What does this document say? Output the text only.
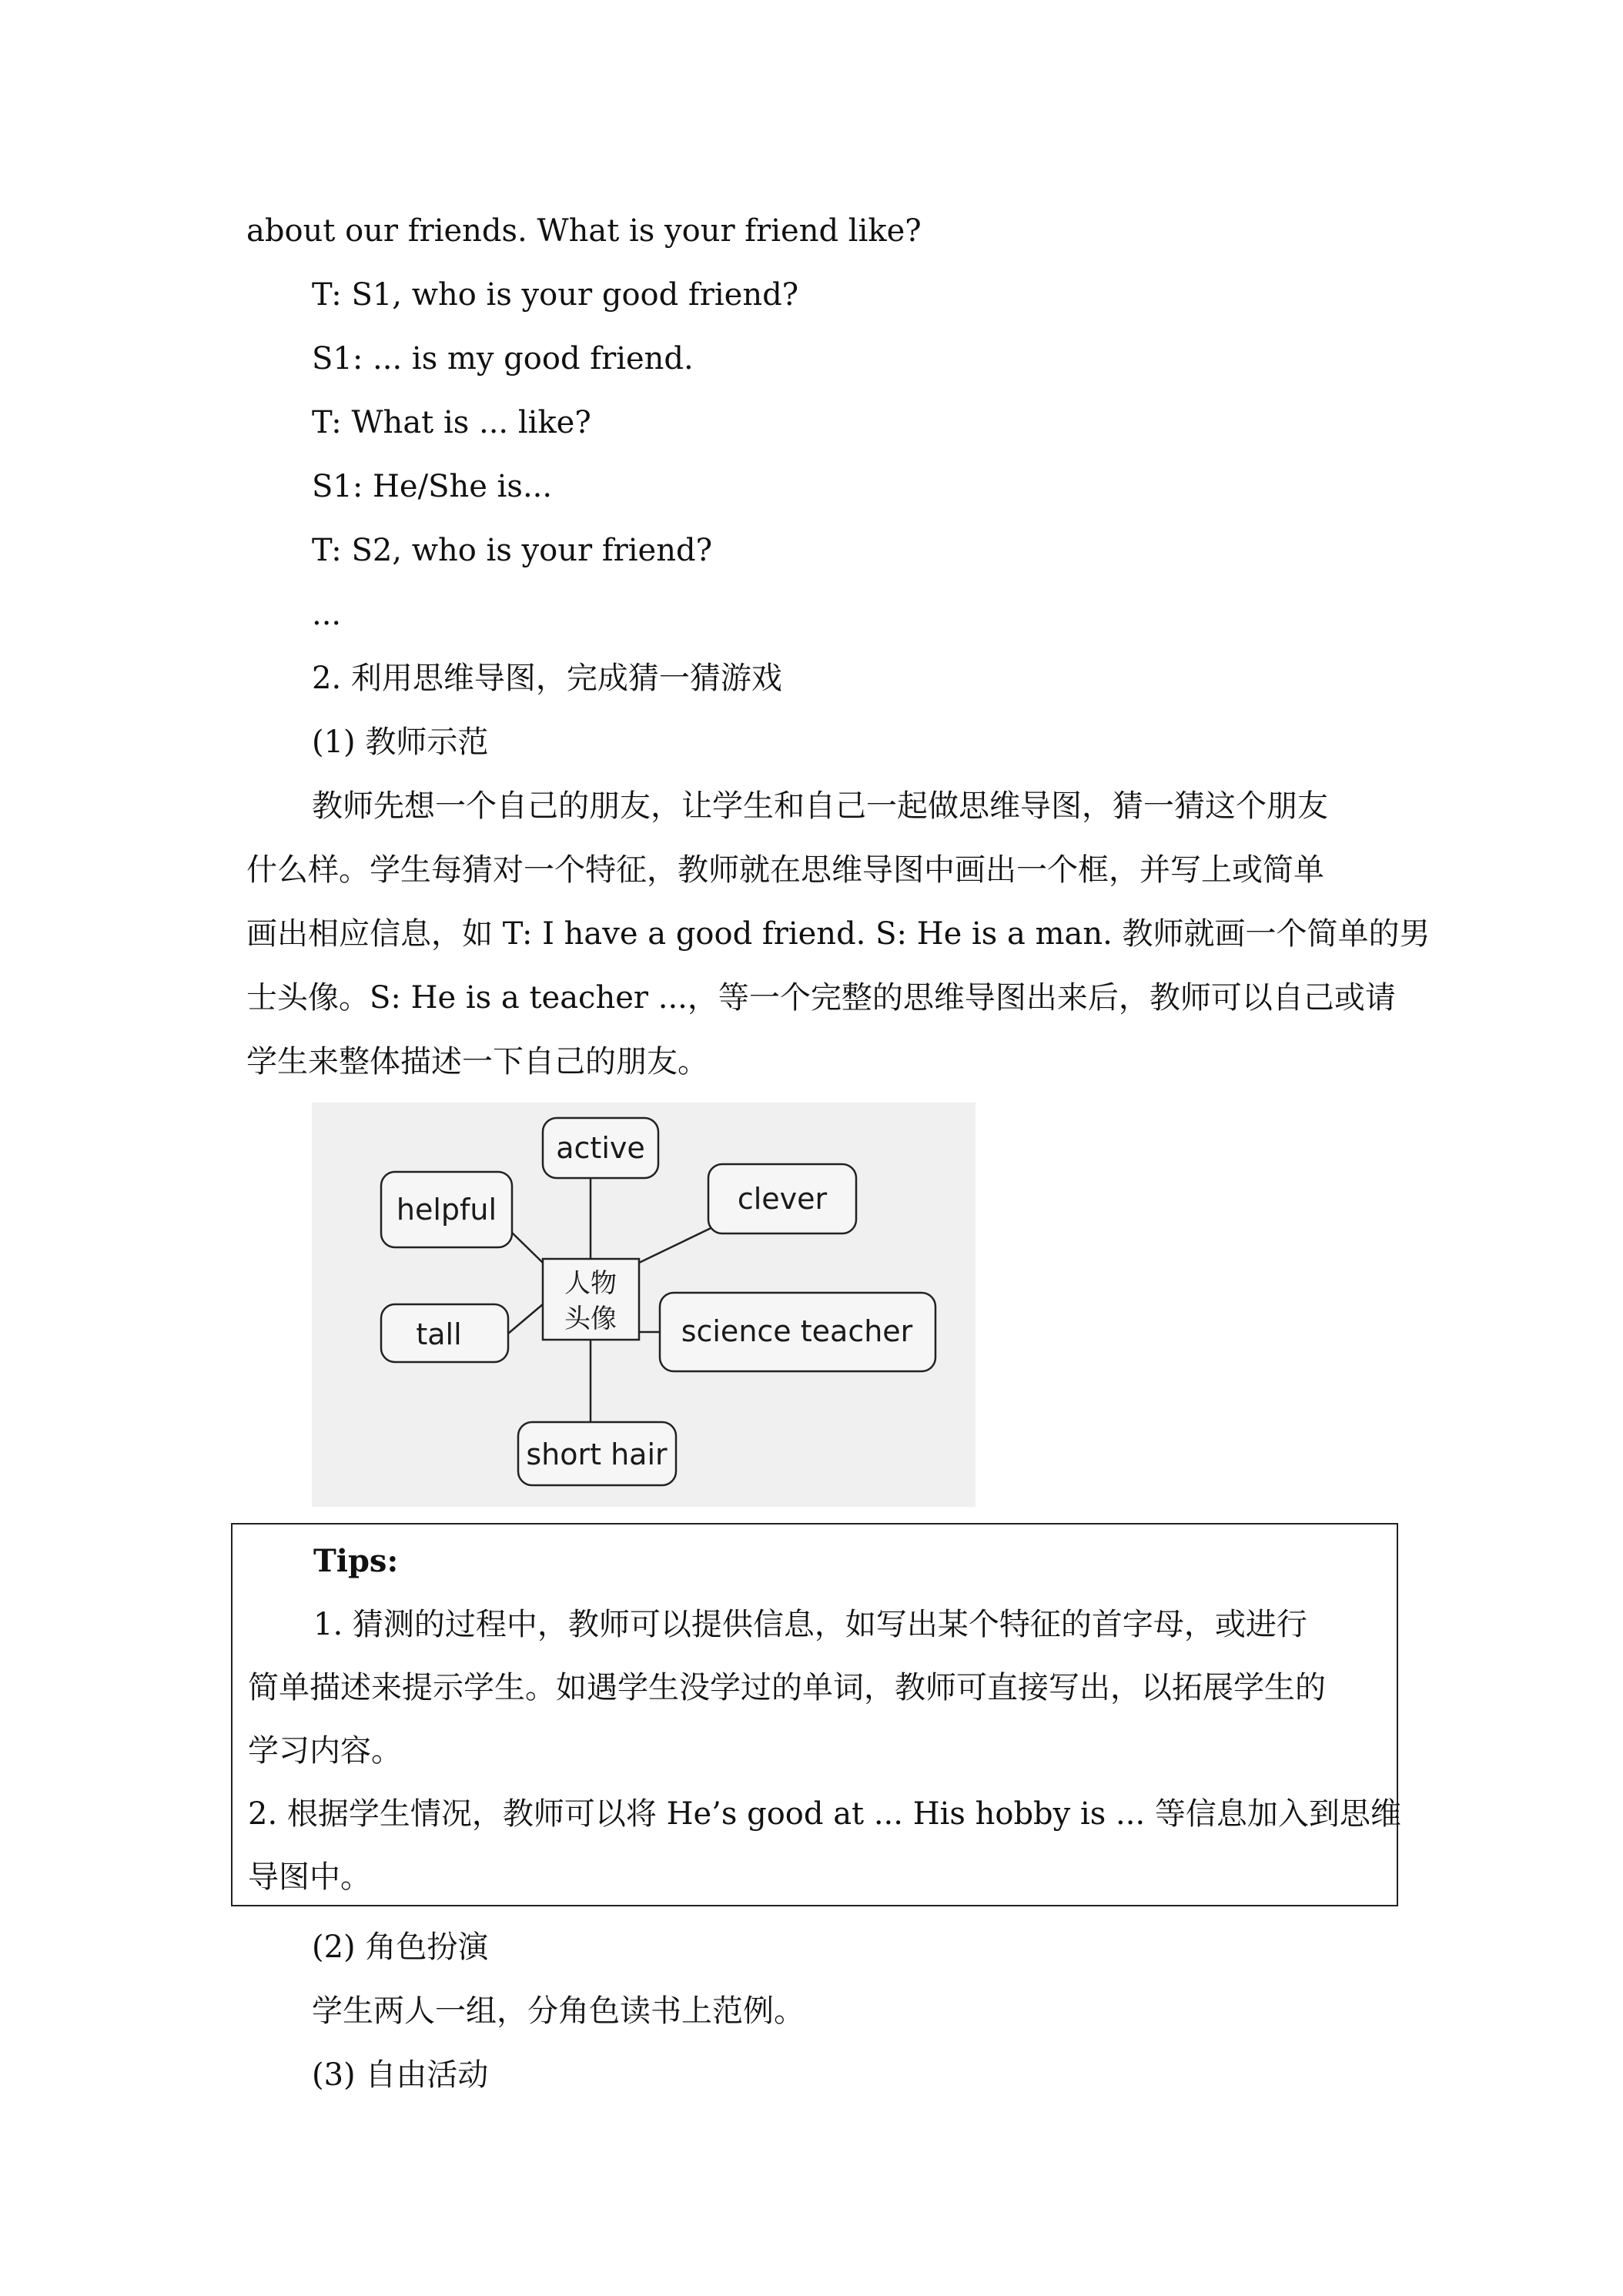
about our friends. What is your friend like?
T: S1, who is your good friend?
S1: ... is my good friend.
T: What is ... like?
S1: He/She is...
T: S2, who is your friend?
...
2. 利用思维导图，完成猜一猜游戏
(1) 教师示范
教师先想一个自己的朋友，让学生和自己一起做思维导图，猜一猜这个朋友
什么样。学生每猜对一个特征，教师就在思维导图中画出一个框，并写上或简单
画出相应信息，如 T: I have a good friend. S: He is a man. 教师就画一个简单的男
士头像。S: He is a teacher ...，等一个完整的思维导图出来后，教师可以自己或请
学生来整体描述一下自己的朋友。
人物
头像
active
helpful	clever
tall	science teacher
short hair
Tips:
1. 猜测的过程中，教师可以提供信息，如写出某个特征的首字母，或进行
简单描述来提示学生。如遇学生没学过的单词，教师可直接写出，以拓展学生的
学习内容。
2. 根据学生情况，教师可以将 He’s good at ... His hobby is ... 等信息加入到思维
导图中。
(2) 角色扮演
学生两人一组，分角色读书上范例。
(3) 自由活动
